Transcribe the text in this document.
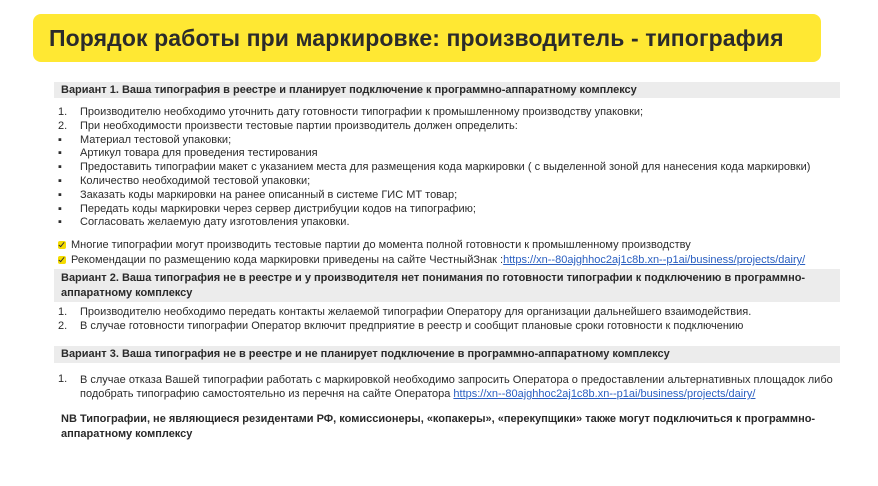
Порядок работы при маркировке: производитель - типография
Вариант 1. Ваша типография в реестре и планирует подключение к программно-аппаратному комплексу
1.	Производителю необходимо уточнить дату готовности типографии к промышленному производству упаковки;
2.	При необходимости произвести тестовые партии производитель должен определить:
▪	Материал тестовой упаковки;
▪	Артикул товара для проведения тестирования
▪	Предоставить типографии макет с указанием места для размещения кода маркировки ( с выделенной зоной для нанесения кода маркировки)
▪	Количество необходимой тестовой упаковки;
▪	Заказать коды маркировки на ранее описанный в системе ГИС МТ товар;
▪	Передать коды маркировки через сервер дистрибуции кодов на типографию;
▪	Согласовать желаемую дату изготовления упаковки.
Многие типографии могут производить тестовые партии до момента полной готовности к промышленному производству
Рекомендации по размещению кода маркировки приведены на сайте ЧестныйЗнак : https://xn--80ajghhoc2aj1c8b.xn--p1ai/business/projects/dairy/
Вариант 2. Ваша типография не в реестре и у производителя нет понимания по готовности типографии к подключению в программно-аппаратному комплексу
1.	Производителю необходимо передать контакты желаемой типографии Оператору для организации дальнейшего взаимодействия.
2.	В случае готовности типографии Оператор включит предприятие в реестр и сообщит плановые сроки готовности к подключению
Вариант 3. Ваша типография не в реестре и не планирует подключение в программно-аппаратному комплексу
1.	В случае отказа Вашей типографии работать с маркировкой необходимо запросить Оператора о предоставлении альтернативных площадок либо подобрать типографию самостоятельно из перечня на сайте Оператора https://xn--80ajghhoc2aj1c8b.xn--p1ai/business/projects/dairy/
NB Типографии, не являющиеся резидентами РФ, комиссионеры, «копакеры», «перекупщики» также могут подключиться к программно-аппаратному комплексу
